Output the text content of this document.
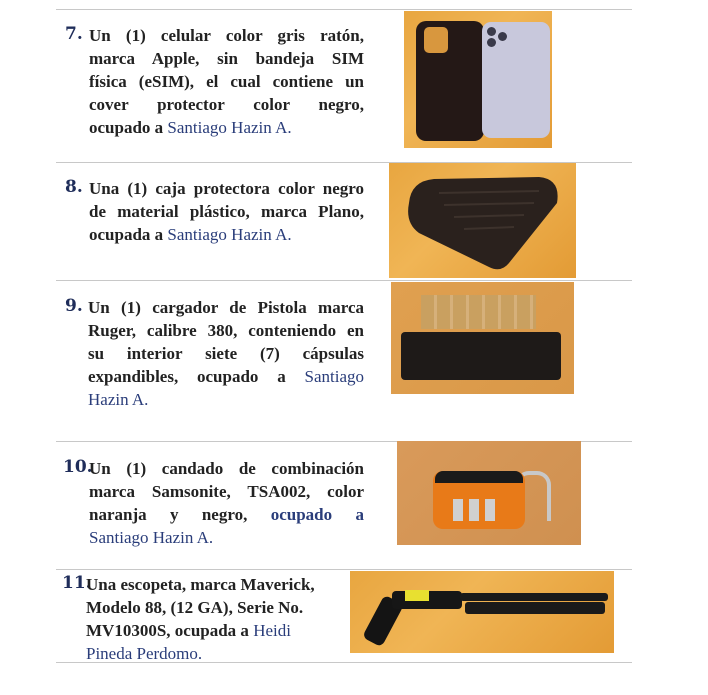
7. Un (1) celular color gris ratón,
marca Apple, sin bandeja SIM
física (eSIM), el cual contiene un
cover protector color negro,
ocupado a Santiago Hazin A.
8. Una (1) caja protectora color negro
de material plástico, marca Plano,
ocupada a Santiago Hazin A.
9. Un (1) cargador de Pistola marca
Ruger, calibre 380, conteniendo en
su interior siete (7) cápsulas
expandibles, ocupado a Santiago
Hazin A.
10.
Un (1) candado de combinación
marca Samsonite, TSA002, color
naranja y negro, ocupado a
Santiago Hazin A.
11.
Una escopeta, marca Maverick,
Modelo 88, (12 GA), Serie No.
MV10300S, ocupada a Heidi
Pineda Perdomo.
